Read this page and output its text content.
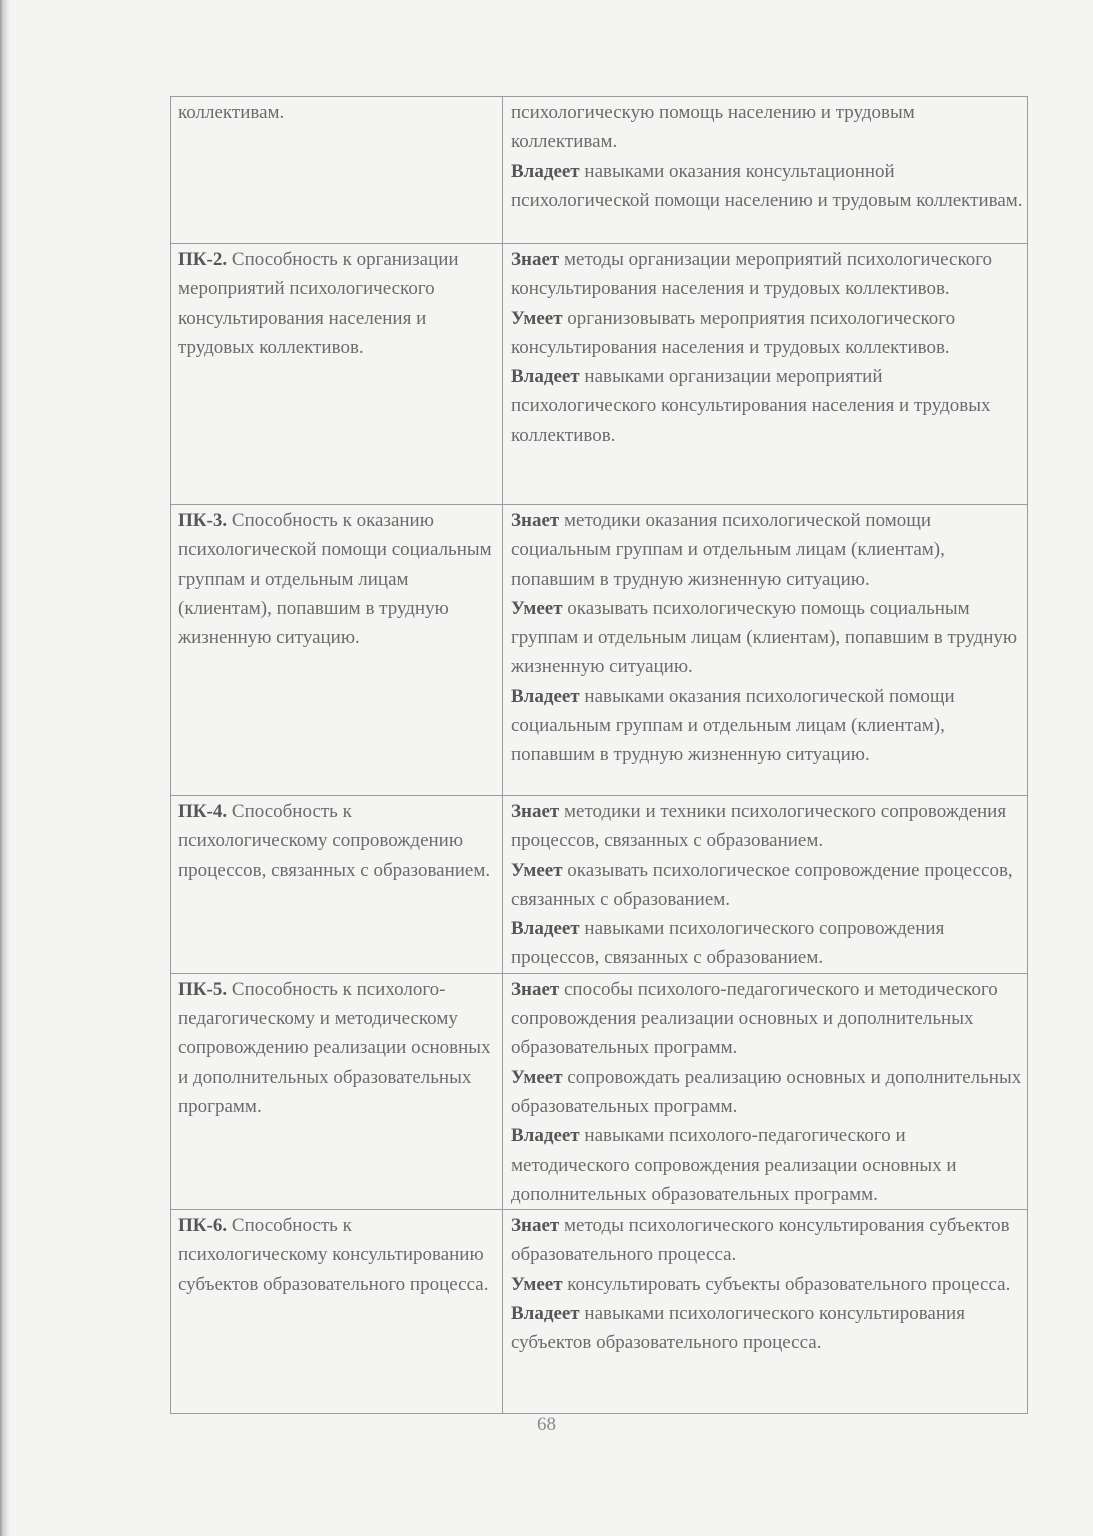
коллективам.	психологическую помощь населению и трудовым коллективам.
Владеет навыками оказания консультационной психологической помощи населению и трудовым коллективам.

ПК-2. Способность к организации мероприятий психологического консультирования населения и трудовых коллективов.	Знает методы организации мероприятий психологического консультирования населения и трудовых коллективов.
Умеет организовывать мероприятия психологического консультирования населения и трудовых коллективов.
Владеет навыками организации мероприятий психологического консультирования населения и трудовых коллективов.

ПК-3. Способность к оказанию психологической помощи социальным группам и отдельным лицам (клиентам), попавшим в трудную жизненную ситуацию.	Знает методики оказания психологической помощи социальным группам и отдельным лицам (клиентам), попавшим в трудную жизненную ситуацию.
Умеет оказывать психологическую помощь социальным группам и отдельным лицам (клиентам), попавшим в трудную жизненную ситуацию.
Владеет навыками оказания психологической помощи социальным группам и отдельным лицам (клиентам), попавшим в трудную жизненную ситуацию.

ПК-4. Способность к психологическому сопровождению процессов, связанных с образованием.	Знает методики и техники психологического сопровождения процессов, связанных с образованием.
Умеет оказывать психологическое сопровождение процессов, связанных с образованием.
Владеет навыками психологического сопровождения процессов, связанных с образованием.

ПК-5. Способность к психолого-педагогическому и методическому сопровождению реализации основных и дополнительных образовательных программ.	Знает способы психолого-педагогического и методического сопровождения реализации основных и дополнительных образовательных программ.
Умеет сопровождать реализацию основных и дополнительных образовательных программ.
Владеет навыками психолого-педагогического и методического сопровождения реализации основных и дополнительных образовательных программ.

ПК-6. Способность к психологическому консультированию субъектов образовательного процесса.	Знает методы психологического консультирования субъектов образовательного процесса.
Умеет консультировать субъекты образовательного процесса.
Владеет навыками психологического консультирования субъектов образовательного процесса.
68
